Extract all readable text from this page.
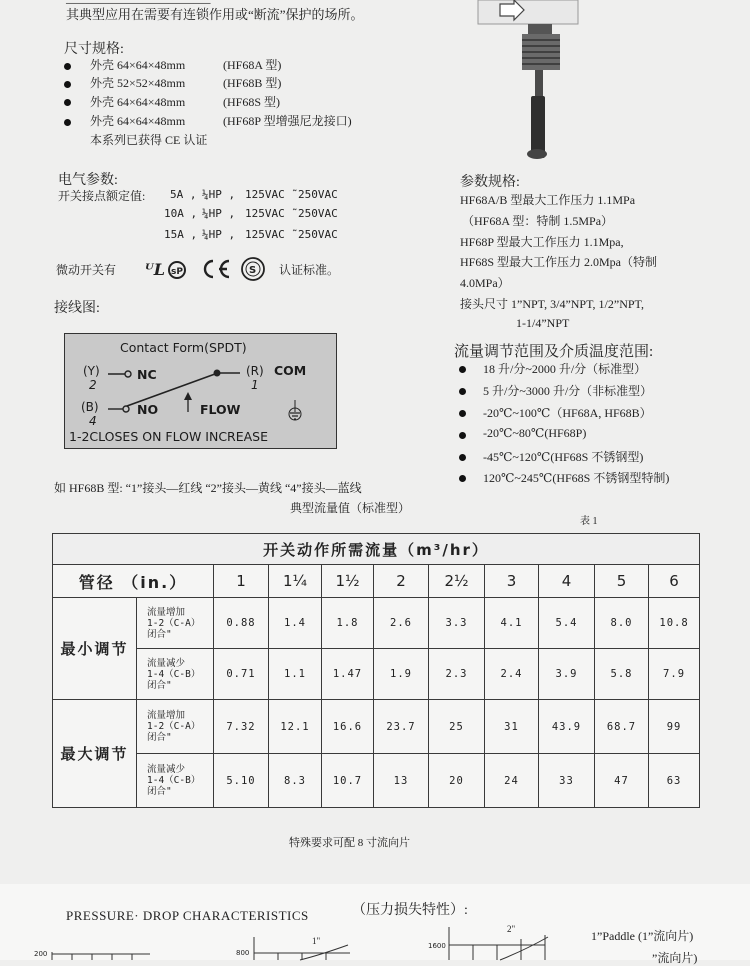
─────────────────
其典型应用在需要有连锁作用或“断流”保护的场所。
尺寸规格:
外壳 64×64×48mm	(HF68A 型)
外壳 52×52×48mm	(HF68B 型)
外壳 64×64×48mm	(HF68S 型)
外壳 64×64×48mm	(HF68P 型增强尼龙接口)
本系列已获得 CE 认证
电气参数:
开关接点额定值: 5A , ¼HP , 125VAC ˜250VAC
10A , ¼HP , 125VAC ˜250VAC
15A , ¼HP , 125VAC ˜250VAC
微动开关有 ᵁL sP	S 认证标准。
接线图:
Contact Form(SPDT)
(Y)
2
NC	(R)
1
COM
(B)
4
NO	FLOW
1-2CLOSES ON FLOW INCREASE
如 HF68B 型: “1”接头—红线 “2”接头—黄线 “4”接头—蓝线
参数规格:
HF68A/B 型最大工作压力 1.1MPa
（HF68A 型：特制 1.5MPa）
HF68P 型最大工作压力 1.1Mpa,
HF68S 型最大工作压力 2.0Mpa（特制
4.0MPa）
接头尺寸 1”NPT, 3/4”NPT, 1/2”NPT,
1-1/4”NPT
流量调节范围及介质温度范围:
18 升/分~2000 升/分（标准型）
5 升/分~3000 升/分（非标准型）
-20℃~100℃（HF68A, HF68B）
-20℃~80℃(HF68P)
-45℃~120℃(HF68S 不锈钢型)
120℃~245℃(HF68S 不锈钢型特制)
典型流量值（标准型）
表 1
开关动作所需流量（m³/hr）										
管径 （in.）		1	1¼	1½	2	2½	3	4	5	6
最小调节	流量增加
1-2（C-A）
闭合"	0.88	1.4	1.8	2.6	3.3	4.1	5.4	8.0	10.8

	流量减少
1-4（C-B）
闭合"	0.71	1.1	1.47	1.9	2.3	2.4	3.9	5.8	7.9
最大调节	流量增加
1-2（C-A）
闭合"	7.32	12.1	16.6	23.7	25	31	43.9	68.7	99

	流量减少
1-4（C-B）
闭合"	5.10	8.3	10.7	13	20	24	33	47	63
特殊要求可配 8 寸流向片
PRESSURE· DROP CHARACTERISTICS	（压力损失特性）:
200	800
1600
1"
2"	1”Paddle (1”流向片)
”流向片)
